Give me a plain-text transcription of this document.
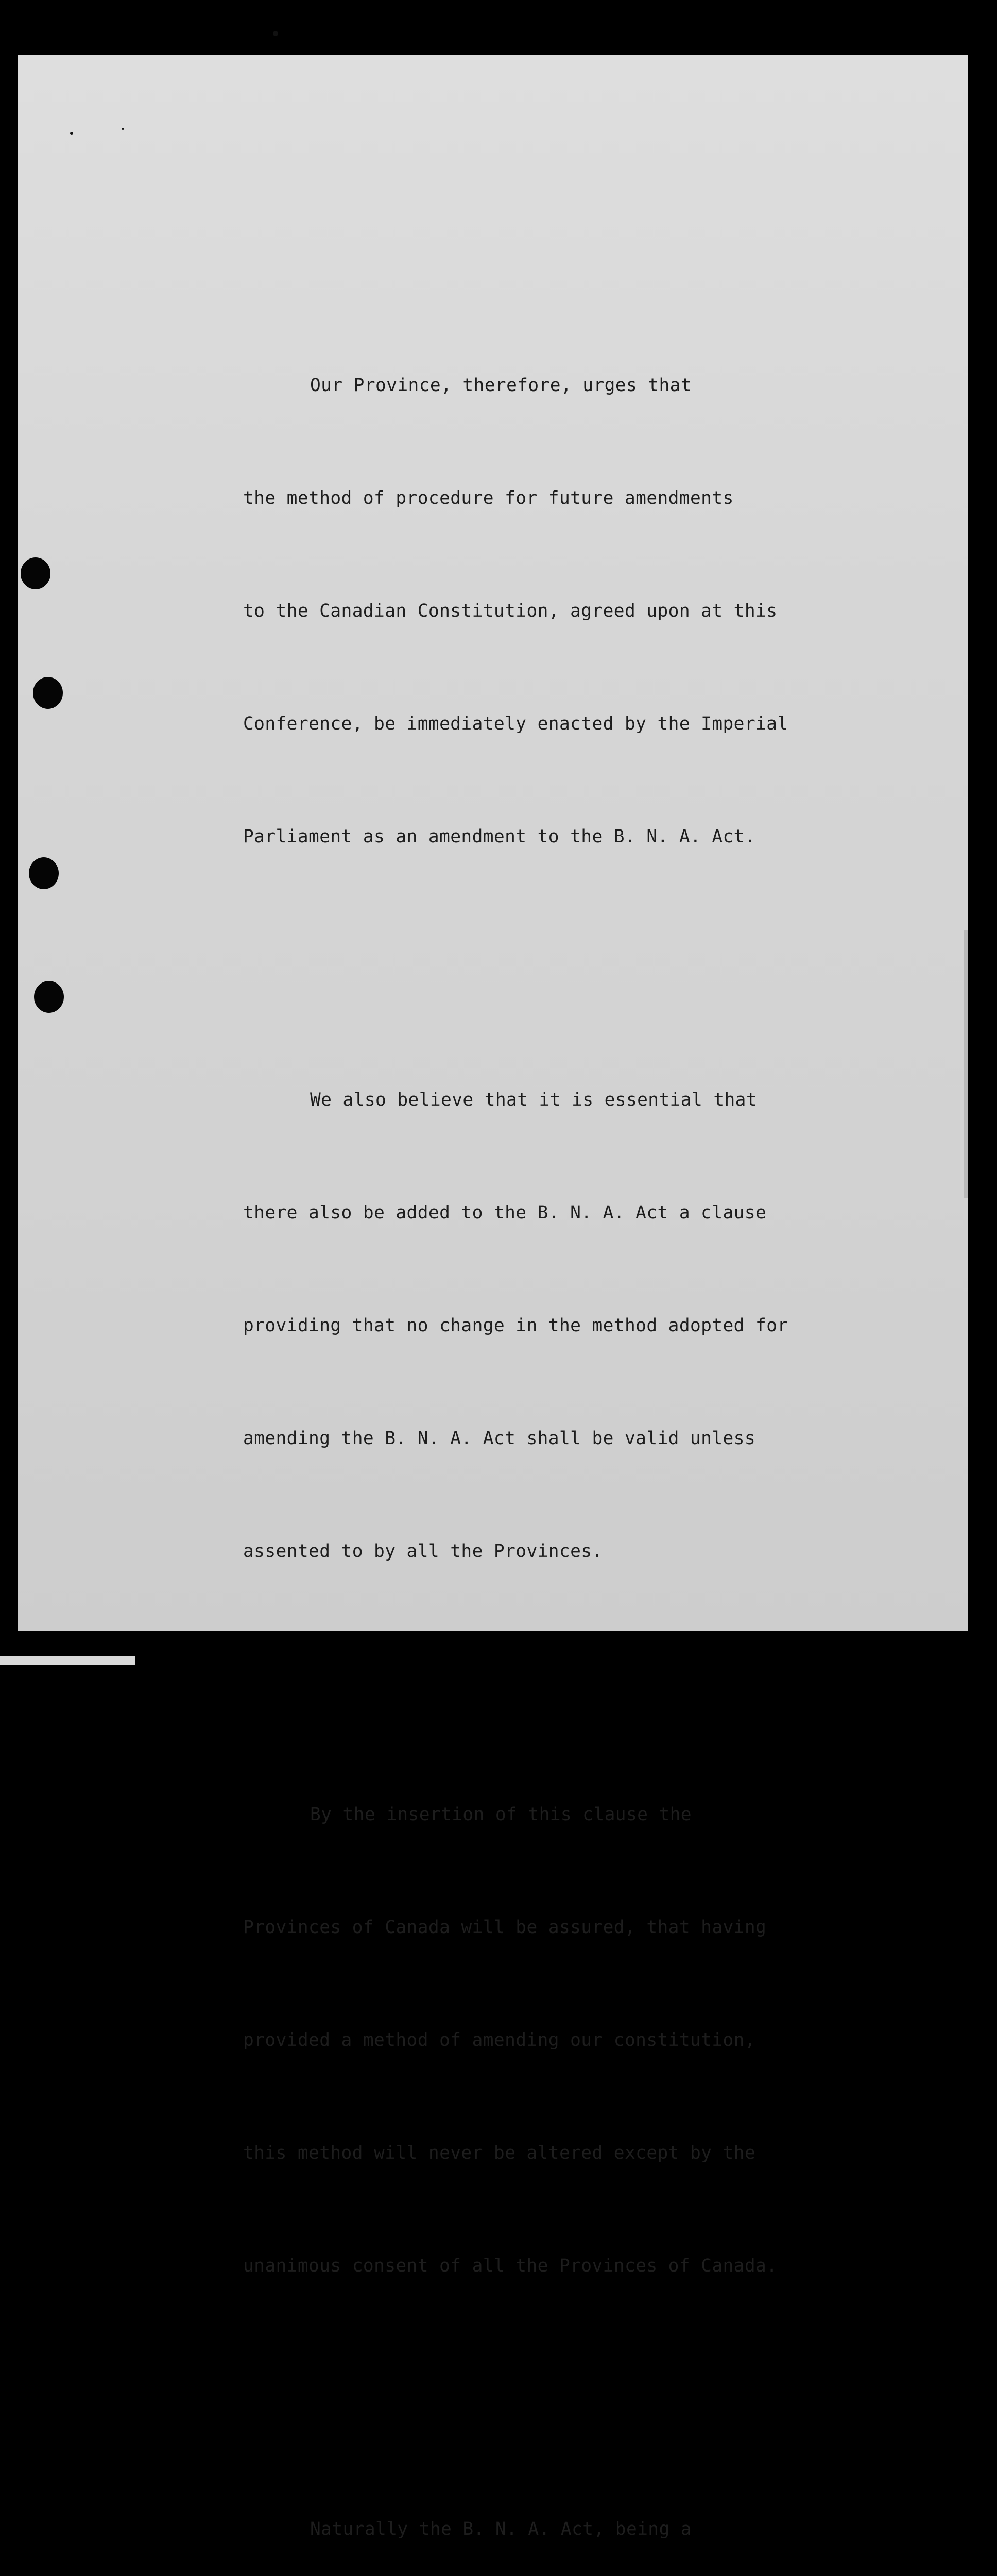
Our Province, therefore, urges that

the method of procedure for future amendments

to the Canadian Constitution, agreed upon at this

Conference, be immediately enacted by the Imperial

Parliament as an amendment to the B. N. A. Act.

We also believe that it is essential that

there also be added to the B. N. A. Act a clause

providing that no change in the method adopted for

amending the B. N. A. Act shall be valid unless

assented to by all the Provinces.

By the insertion of this clause the

Provinces of Canada will be assured, that having

provided a method of amending our constitution,

this method will never be altered except by the

unanimous consent of all the Provinces of Canada.

Naturally the B. N. A. Act, being a
